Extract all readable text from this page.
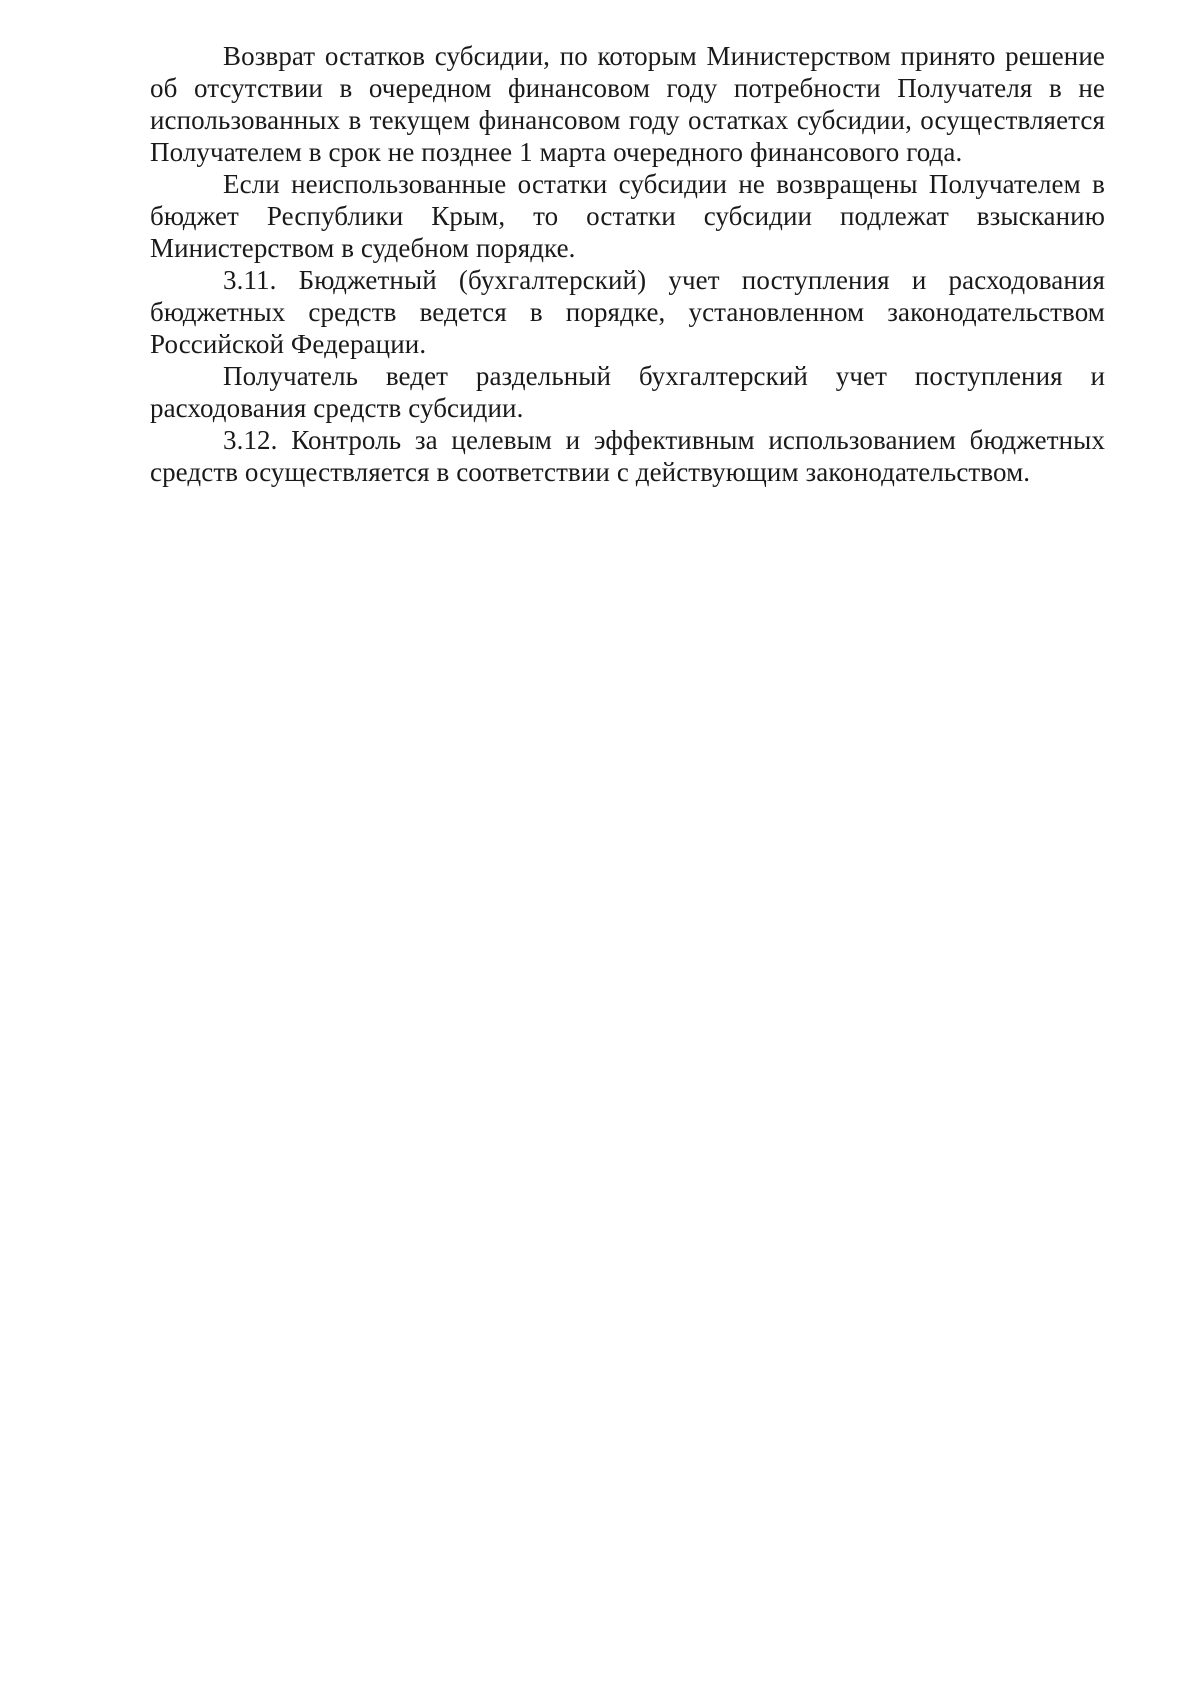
Возврат остатков субсидии, по которым Министерством принято решение об отсутствии в очередном финансовом году потребности Получателя в не использованных в текущем финансовом году остатках субсидии, осуществляется Получателем в срок не позднее 1 марта очередного финансового года.

Если неиспользованные остатки субсидии не возвращены Получателем в бюджет Республики Крым, то остатки субсидии подлежат взысканию Министерством в судебном порядке.

3.11. Бюджетный (бухгалтерский) учет поступления и расходования бюджетных средств ведется в порядке, установленном законодательством Российской Федерации.

Получатель ведет раздельный бухгалтерский учет поступления и расходования средств субсидии.

3.12. Контроль за целевым и эффективным использованием бюджетных средств осуществляется в соответствии с действующим законодательством.
